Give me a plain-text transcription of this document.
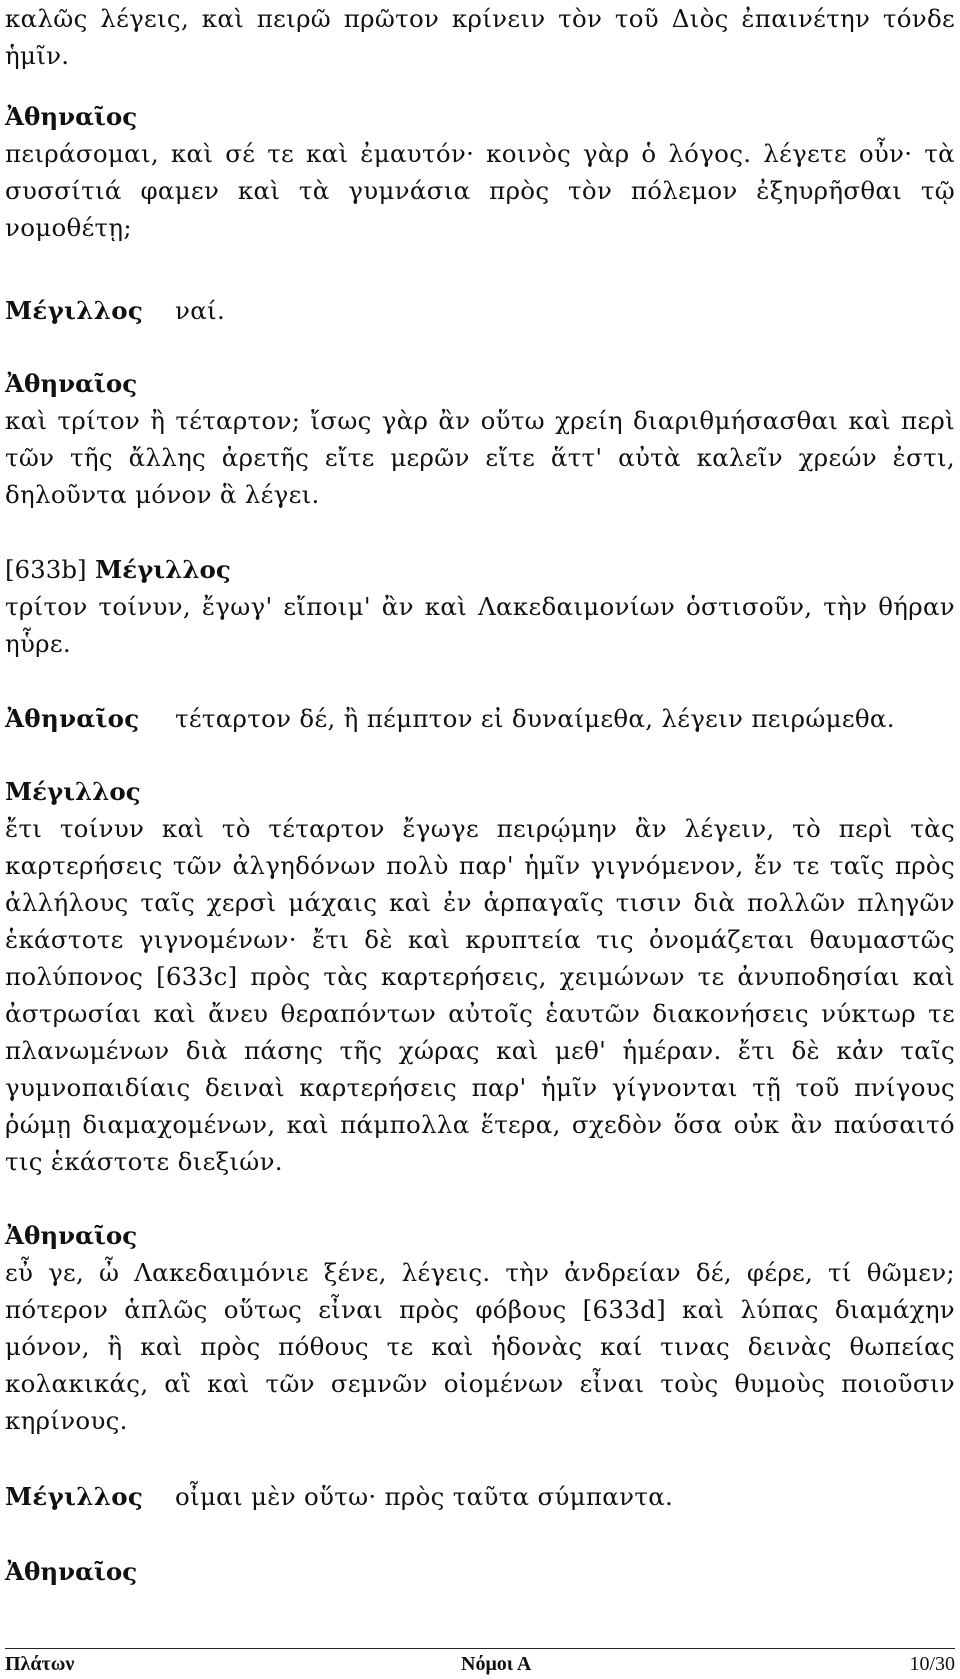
καλῶς λέγεις, καὶ πειρῶ πρῶτον κρίνειν τὸν τοῦ Διὸς ἐπαινέτην τόνδε ἡμῖν.

Ἀθηναῖος

πειράσομαι, καὶ σέ τε καὶ ἐμαυτόν· κοινὸς γὰρ ὁ λόγος. λέγετε οὖν· τὰ συσσίτιά φαμεν καὶ τὰ γυμνάσια πρὸς τὸν πόλεμον ἐξηυρῆσθαι τῷ νομοθέτῃ;

Μέγιλλος ναί.

Ἀθηναῖος

καὶ τρίτον ἢ τέταρτον; ἴσως γὰρ ἂν οὕτω χρείη διαριθμήσασθαι καὶ περὶ τῶν τῆς ἄλλης ἀρετῆς εἴτε μερῶν εἴτε ἅττ' αὐτὰ καλεῖν χρεών ἐστι, δηλοῦντα μόνον ἃ λέγει.

[633b] Μέγιλλος

τρίτον τοίνυν, ἔγωγ' εἴποιμ' ἂν καὶ Λακεδαιμονίων ὁστισοῦν, τὴν θήραν ηὗρε.

Ἀθηναῖος τέταρτον δέ, ἢ πέμπτον εἰ δυναίμεθα, λέγειν πειρώμεθα.

Μέγιλλος

ἔτι τοίνυν καὶ τὸ τέταρτον ἔγωγε πειρῴμην ἂν λέγειν, τὸ περὶ τὰς καρτερήσεις τῶν ἀλγηδόνων πολὺ παρ' ἡμῖν γιγνόμενον, ἔν τε ταῖς πρὸς ἀλλήλους ταῖς χερσὶ μάχαις καὶ ἐν ἁρπαγαῖς τισιν διὰ πολλῶν πληγῶν ἑκάστοτε γιγνομένων· ἔτι δὲ καὶ κρυπτεία τις ὀνομάζεται θαυμαστῶς πολύπονος [633c] πρὸς τὰς καρτερήσεις, χειμώνων τε ἀνυποδησίαι καὶ ἀστρωσίαι καὶ ἄνευ θεραπόντων αὐτοῖς ἑαυτῶν διακονήσεις νύκτωρ τε πλανωμένων διὰ πάσης τῆς χώρας καὶ μεθ' ἡμέραν. ἔτι δὲ κἀν ταῖς γυμνοπαιδίαις δειναὶ καρτερήσεις παρ' ἡμῖν γίγνονται τῇ τοῦ πνίγους ῥώμῃ διαμαχομένων, καὶ πάμπολλα ἕτερα, σχεδὸν ὅσα οὐκ ἂν παύσαιτό τις ἑκάστοτε διεξιών.

Ἀθηναῖος

εὖ γε, ὦ Λακεδαιμόνιε ξένε, λέγεις. τὴν ἀνδρείαν δέ, φέρε, τί θῶμεν; πότερον ἁπλῶς οὕτως εἶναι πρὸς φόβους [633d] καὶ λύπας διαμάχην μόνον, ἢ καὶ πρὸς πόθους τε καὶ ἡδονὰς καί τινας δεινὰς θωπείας κολακικάς, αἳ καὶ τῶν σεμνῶν οἰομένων εἶναι τοὺς θυμοὺς ποιοῦσιν κηρίνους.

Μέγιλλος οἶμαι μὲν οὕτω· πρὸς ταῦτα σύμπαντα.

Ἀθηναῖος

Πλάτων	Νόμοι Α	10/30
